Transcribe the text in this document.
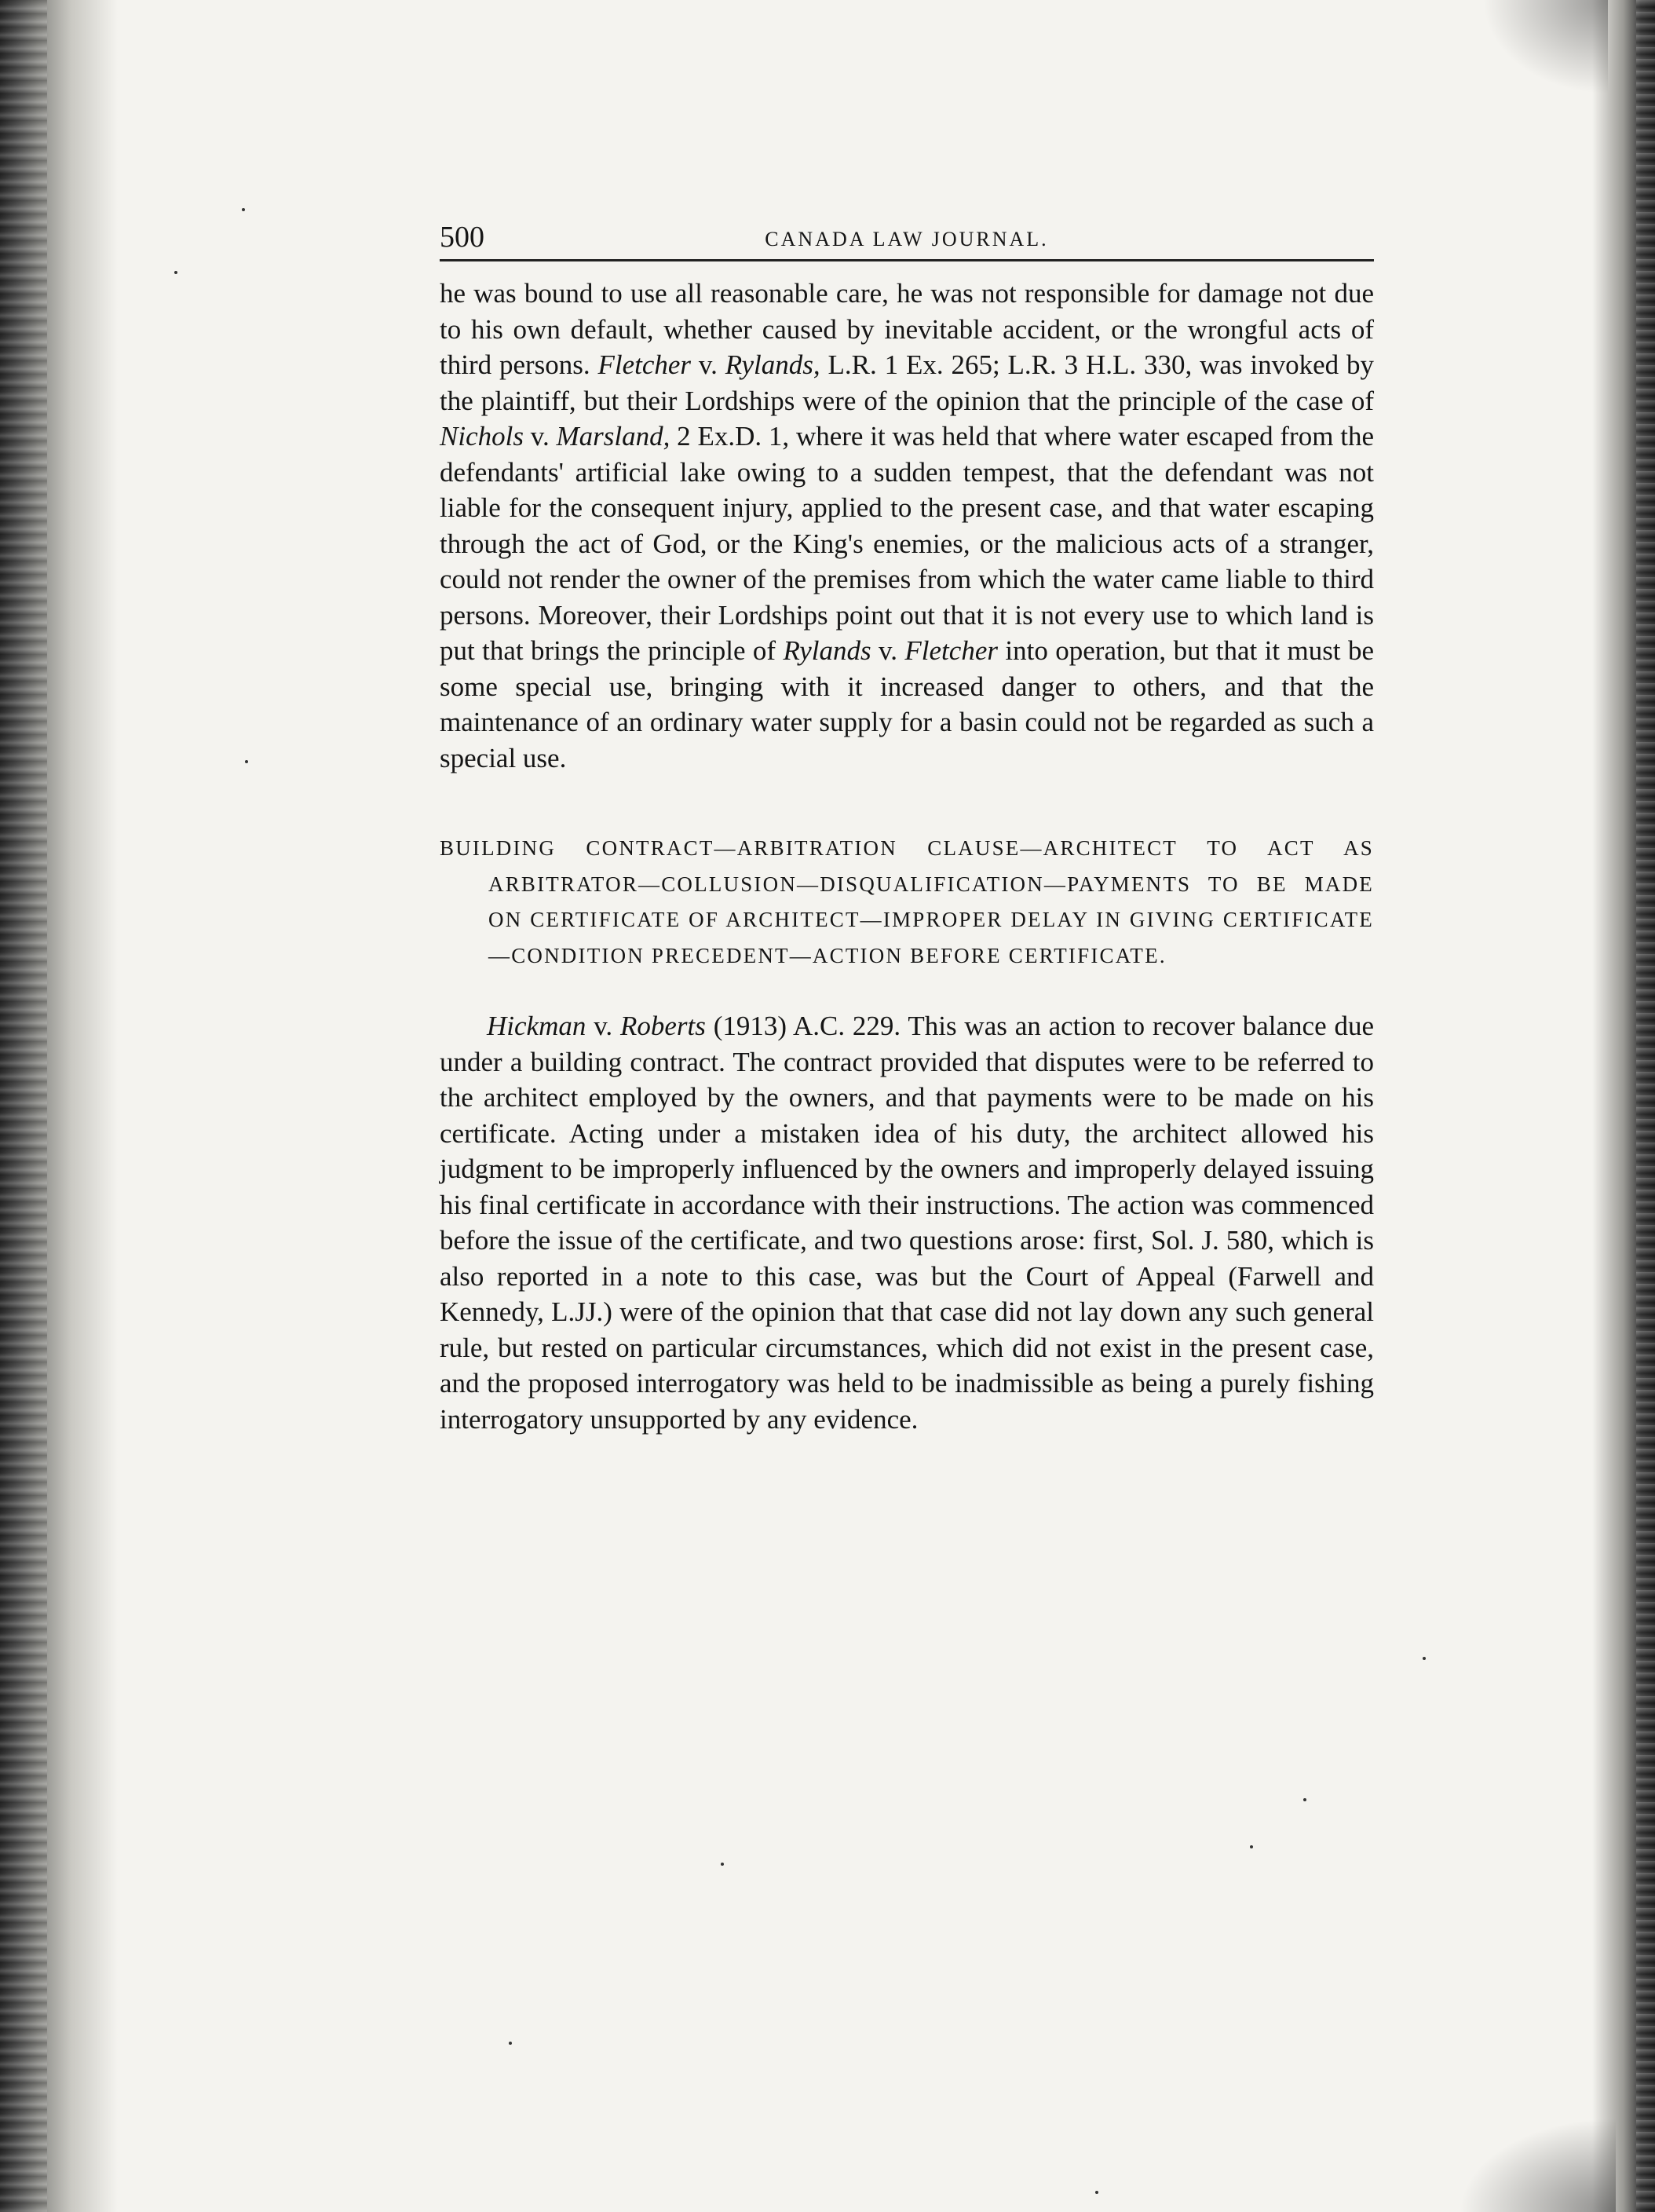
500	CANADA LAW JOURNAL.

he was bound to use all reasonable care, he was not responsible for damage not due to his own default, whether caused by inevitable accident, or the wrongful acts of third persons. Fletcher v. Rylands, L.R. 1 Ex. 265; L.R. 3 H.L. 330, was invoked by the plaintiff, but their Lordships were of the opinion that the principle of the case of Nichols v. Marsland, 2 Ex.D. 1, where it was held that where water escaped from the defendants' artificial lake owing to a sudden tempest, that the defendant was not liable for the consequent injury, applied to the present case, and that water escaping through the act of God, or the King's enemies, or the malicious acts of a stranger, could not render the owner of the premises from which the water came liable to third persons. Moreover, their Lordships point out that it is not every use to which land is put that brings the principle of Rylands v. Fletcher into operation, but that it must be some special use, bringing with it increased danger to others, and that the maintenance of an ordinary water supply for a basin could not be regarded as such a special use.

BUILDING CONTRACT—ARBITRATION CLAUSE—ARCHITECT TO ACT AS ARBITRATOR—COLLUSION—DISQUALIFICATION—PAYMENTS TO BE MADE ON CERTIFICATE OF ARCHITECT—IMPROPER DELAY IN GIVING CERTIFICATE—CONDITION PRECEDENT—ACTION BEFORE CERTIFICATE.

Hickman v. Roberts (1913) A.C. 229. This was an action to recover balance due under a building contract. The contract provided that disputes were to be referred to the architect employed by the owners, and that payments were to be made on his certificate. Acting under a mistaken idea of his duty, the architect allowed his judgment to be improperly influenced by the owners and improperly delayed issuing his final certificate in accordance with their instructions. The action was commenced before the issue of the certificate, and two questions arose: first, Sol. J. 580, which is also reported in a note to this case, was but the Court of Appeal (Farwell and Kennedy, L.JJ.) were of the opinion that that case did not lay down any such general rule, but rested on particular circumstances, which did not exist in the present case, and the proposed interrogatory was held to be inadmissible as being a purely fishing interrogatory unsupported by any evidence.
